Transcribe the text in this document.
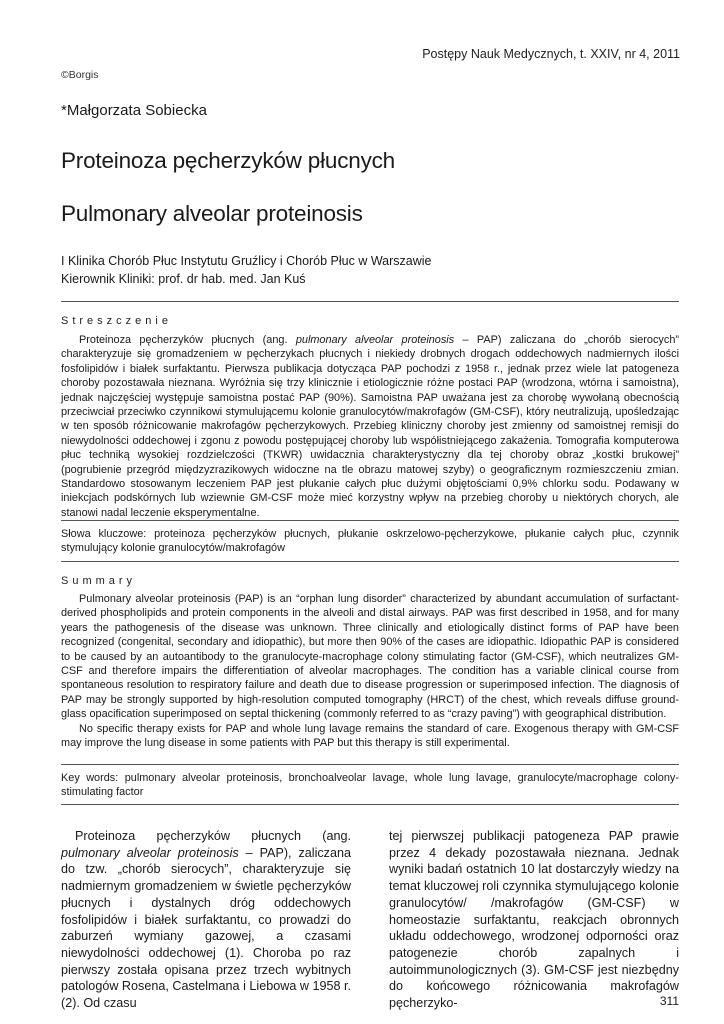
Postępy Nauk Medycznych, t. XXIV, nr 4, 2011
©Borgis
*Małgorzata Sobiecka
Proteinoza pęcherzyków płucnych
Pulmonary alveolar proteinosis
I Klinika Chorób Płuc Instytutu Gruźlicy i Chorób Płuc w Warszawie
Kierownik Kliniki: prof. dr hab. med. Jan Kuś
Streszczenie

Proteinoza pęcherzyków płucnych (ang. pulmonary alveolar proteinosis – PAP) zaliczana do „chorób sierocych” charakteryzuje się gromadzeniem w pęcherzykach płucnych i niekiedy drobnych drogach oddechowych nadmiernych ilości fosfolipidów i białek surfaktantu. Pierwsza publikacja dotycząca PAP pochodzi z 1958 r., jednak przez wiele lat patogeneza choroby pozostawała nieznana. Wyróżnia się trzy klinicznie i etiologicznie różne postaci PAP (wrodzona, wtórna i samoistna), jednak najczęściej występuje samoistna postać PAP (90%). Samoistna PAP uważana jest za chorobę wywołaną obecnością przeciwciał przeciwko czynnikowi stymulującemu kolonie granulocytów/makrofagów (GM-CSF), który neutralizują, upośledzając w ten sposób różnicowanie makrofagów pęcherzykowych. Przebieg kliniczny choroby jest zmienny od samoistnej remisji do niewydolności oddechowej i zgonu z powodu postępującej choroby lub współistniejącego zakażenia. Tomografia komputerowa płuc techniką wysokiej rozdzielczości (TKWR) uwidacznia charakterystyczny dla tej choroby obraz „kostki brukowej” (pogrubienie przegród międzyzrazikowych widoczne na tle obrazu matowej szyby) o geograficznym rozmieszczeniu zmian. Standardowo stosowanym leczeniem PAP jest płukanie całych płuc dużymi objętościami 0,9% chlorku sodu. Podawany w iniekcjach podskórnych lub wziewnie GM-CSF może mieć korzystny wpływ na przebieg choroby u niektórych chorych, ale stanowi nadal leczenie eksperymentalne.

Słowa kluczowe: proteinoza pęcherzyków płucnych, płukanie oskrzelowo-pęcherzykowe, płukanie całych płuc, czynnik stymulujący kolonie granulocytów/makrofagów
Summary

Pulmonary alveolar proteinosis (PAP) is an “orphan lung disorder” characterized by abundant accumulation of surfactant-derived phospholipids and protein components in the alveoli and distal airways. PAP was first described in 1958, and for many years the pathogenesis of the disease was unknown. Three clinically and etiologically distinct forms of PAP have been recognized (congenital, secondary and idiopathic), but more then 90% of the cases are idiopathic. Idiopathic PAP is considered to be caused by an autoantibody to the granulocyte-macrophage colony stimulating factor (GM-CSF), which neutralizes GM-CSF and therefore impairs the differentiation of alveolar macrophages. The condition has a variable clinical course from spontaneous resolution to respiratory failure and death due to disease progression or superimposed infection. The diagnosis of PAP may be strongly supported by high-resolution computed tomography (HRCT) of the chest, which reveals diffuse ground-glass opacification superimposed on septal thickening (commonly referred to as “crazy paving”) with geographical distribution.

No specific therapy exists for PAP and whole lung lavage remains the standard of care. Exogenous therapy with GM-CSF may improve the lung disease in some patients with PAP but this therapy is still experimental.

Key words: pulmonary alveolar proteinosis, bronchoalveolar lavage, whole lung lavage, granulocyte/macrophage colony-stimulating factor

Proteinoza pęcherzyków płucnych (ang. pulmonary alveolar proteinosis – PAP), zaliczana do tzw. „chorób sierocych”, charakteryzuje się nadmiernym gromadzeniem w świetle pęcherzyków płucnych i dystalnych dróg oddechowych fosfolipidów i białek surfaktantu, co prowadzi do zaburzeń wymiany gazowej, a czasami niewydolności oddechowej (1). Choroba po raz pierwszy została opisana przez trzech wybitnych patologów Rosena, Castelmana i Liebowa w 1958 r. (2). Od czasu

tej pierwszej publikacji patogeneza PAP prawie przez 4 dekady pozostawała nieznana. Jednak wyniki badań ostatnich 10 lat dostarczyły wiedzy na temat kluczowej roli czynnika stymulującego kolonie granulocytów/ /makrofagów (GM-CSF) w homeostazie surfaktantu, reakcjach obronnych układu oddechowego, wrodzonej odporności oraz patogenezie chorób zapalnych i autoimmunologicznych (3). GM-CSF jest niezbędny do końcowego różnicowania makrofagów pęcherzyko-	311
